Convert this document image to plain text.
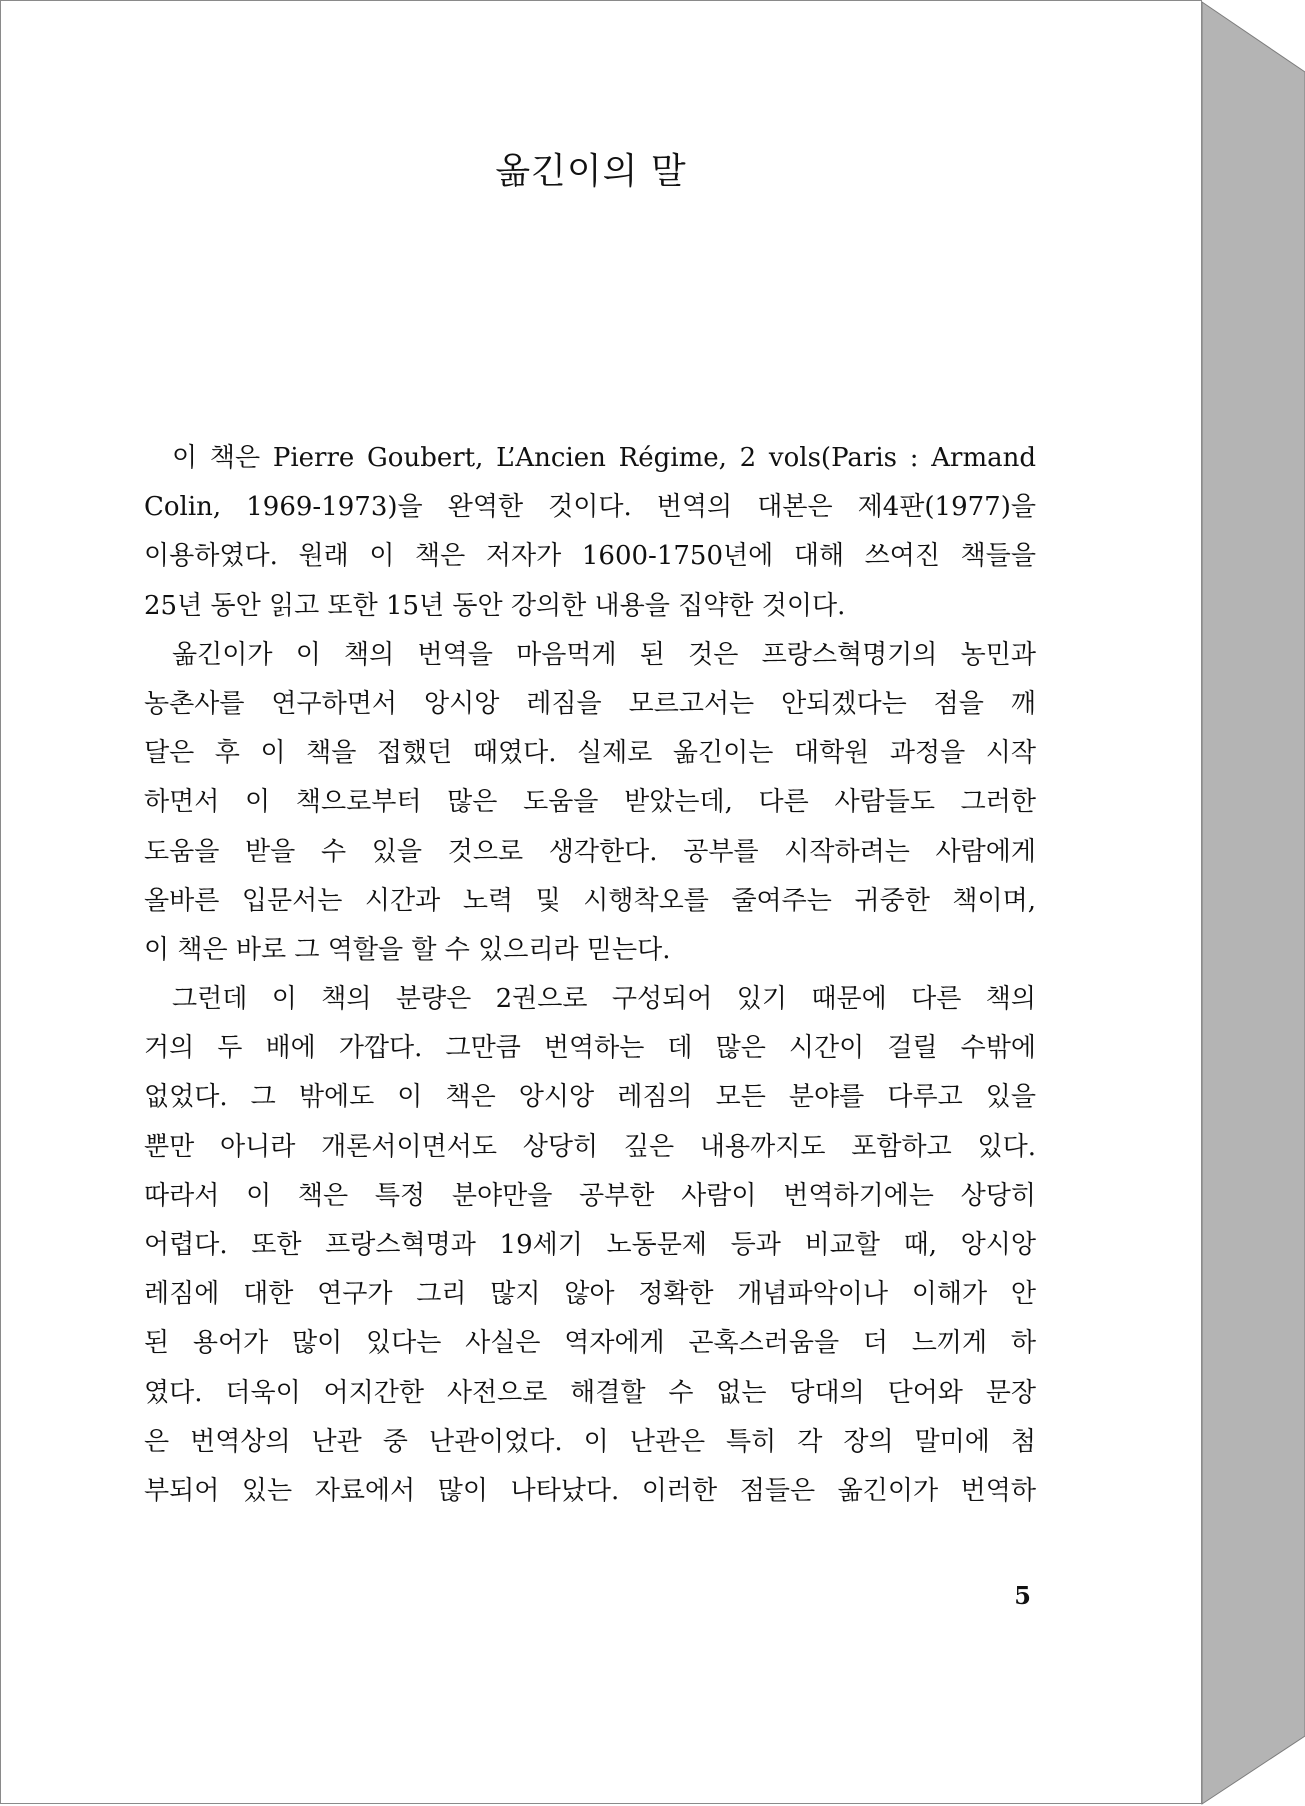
옮긴이의 말
이 책은 Pierre Goubert, L’Ancien Régime, 2 vols(Paris : Armand
Colin, 1969-1973)을 완역한 것이다. 번역의 대본은 제4판(1977)을
이용하였다. 원래 이 책은 저자가 1600-1750년에 대해 쓰여진 책들을
25년 동안 읽고 또한 15년 동안 강의한 내용을 집약한 것이다.
옮긴이가 이 책의 번역을 마음먹게 된 것은 프랑스혁명기의 농민과
농촌사를 연구하면서 앙시앙 레짐을 모르고서는 안되겠다는 점을 깨
달은 후 이 책을 접했던 때였다. 실제로 옮긴이는 대학원 과정을 시작
하면서 이 책으로부터 많은 도움을 받았는데, 다른 사람들도 그러한
도움을 받을 수 있을 것으로 생각한다. 공부를 시작하려는 사람에게
올바른 입문서는 시간과 노력 및 시행착오를 줄여주는 귀중한 책이며,
이 책은 바로 그 역할을 할 수 있으리라 믿는다.
그런데 이 책의 분량은 2권으로 구성되어 있기 때문에 다른 책의
거의 두 배에 가깝다. 그만큼 번역하는 데 많은 시간이 걸릴 수밖에
없었다. 그 밖에도 이 책은 앙시앙 레짐의 모든 분야를 다루고 있을
뿐만 아니라 개론서이면서도 상당히 깊은 내용까지도 포함하고 있다.
따라서 이 책은 특정 분야만을 공부한 사람이 번역하기에는 상당히
어렵다. 또한 프랑스혁명과 19세기 노동문제 등과 비교할 때, 앙시앙
레짐에 대한 연구가 그리 많지 않아 정확한 개념파악이나 이해가 안
된 용어가 많이 있다는 사실은 역자에게 곤혹스러움을 더 느끼게 하
였다. 더욱이 어지간한 사전으로 해결할 수 없는 당대의 단어와 문장
은 번역상의 난관 중 난관이었다. 이 난관은 특히 각 장의 말미에 첨
부되어 있는 자료에서 많이 나타났다. 이러한 점들은 옮긴이가 번역하
5
